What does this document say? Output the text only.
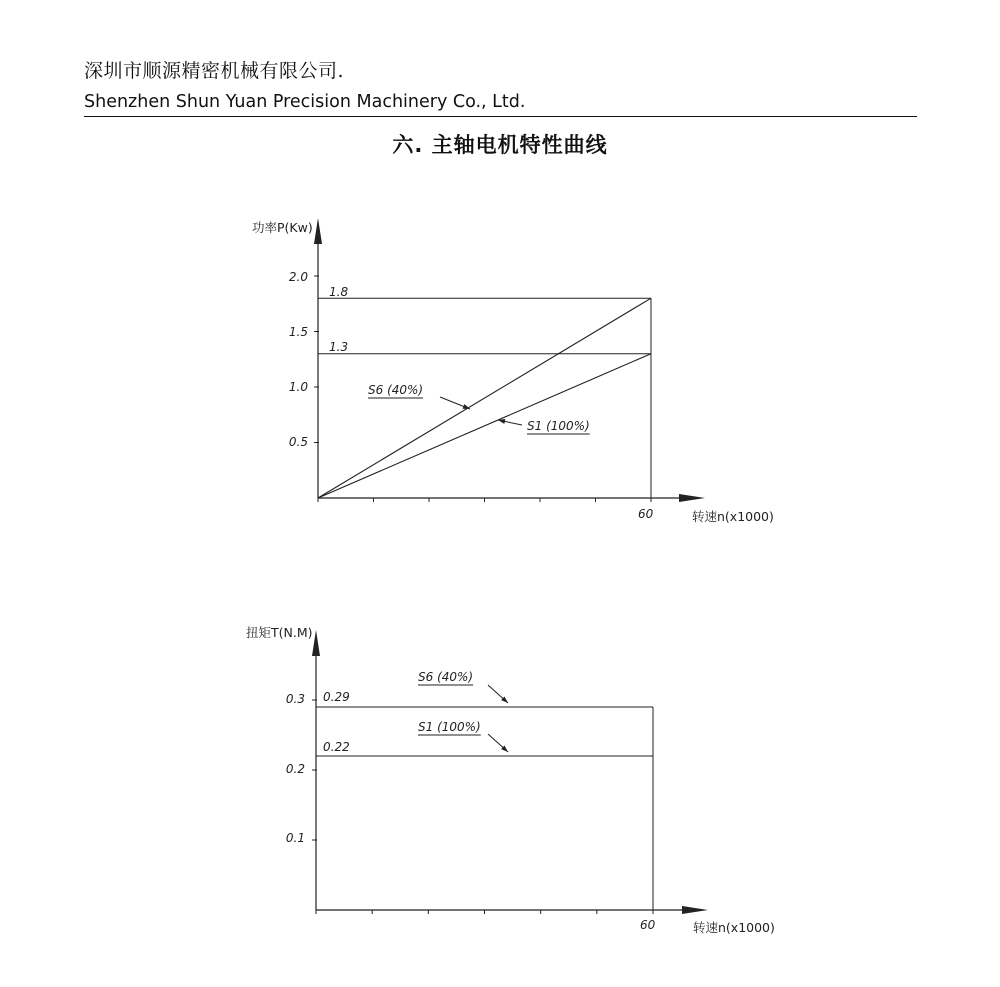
深圳市顺源精密机械有限公司.
Shenzhen Shun Yuan Precision Machinery Co., Ltd.
六. 主轴电机特性曲线
功率P(Kw)
转速n(x1000)
60
S6 (40%)
S1 (100%)
1.8
1.3
0.5
1.0
1.5
2.0
扭矩T(N.M)
转速n(x1000)
60
S6 (40%)
S1 (100%)
0.29
0.22
0.1
0.2
0.3
